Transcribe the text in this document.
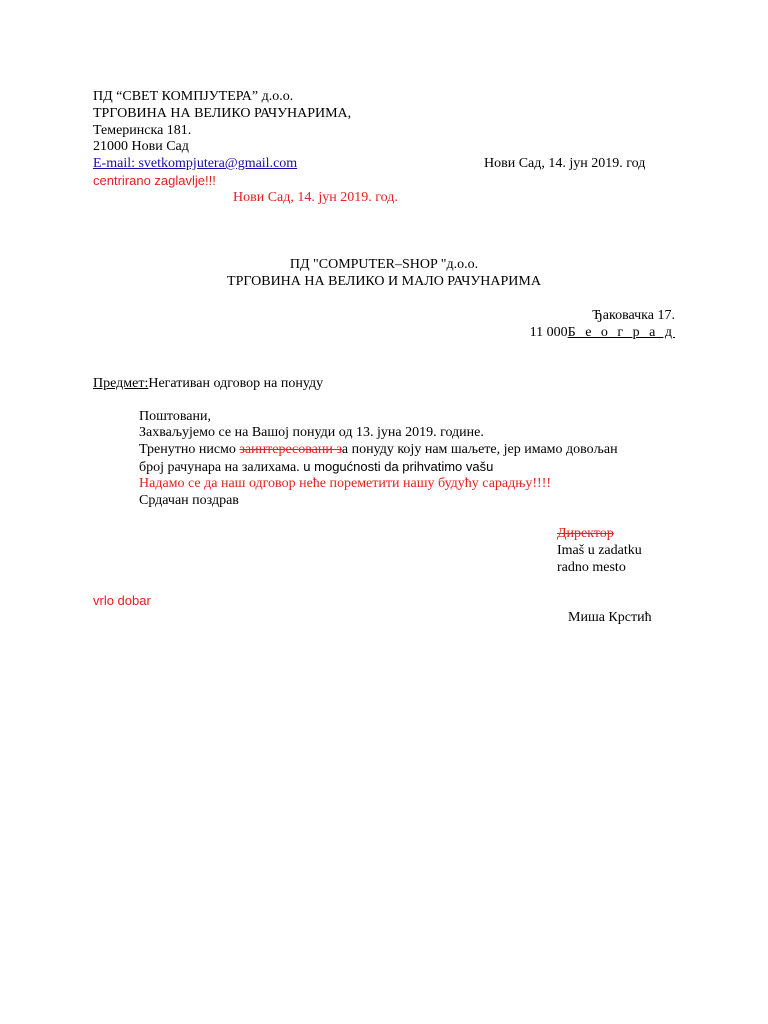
ПД “СВЕТ КОМПЈУТЕРА” д.о.о.
ТРГОВИНА НА ВЕЛИКО РАЧУНАРИМА,
Темеринска 181.
21000 Нови Сад
E-mail: svetkompjutera@gmail.com	Нови Сад, 14. јун 2019. год
centrirano zaglavlje!!!
Нови Сад, 14. јун 2019. год.
ПД "COMPUTER–SHOP "д.о.о.
ТРГОВИНА НА ВЕЛИКО И МАЛО РАЧУНАРИМА
Ђаковачка 17.
11 000Б е о г р а д
Предмет:Негативан одговор на понуду
Поштовани,
Захваљујемо се на Вашој понуди од 13. јуна 2019. године.
Тренутно нисмо заинтересовани за понуду коју нам шаљете, јер имамо довољан
број рачунара на залихама. u mogućnosti da prihvatimo vašu
Надамо се да наш одговор неће пореметити нашу будућу сарадњу!!!!
Срдачан поздрав
Директор
Imaš u zadatku
radno mesto
vrlo dobar
Миша Крстић
